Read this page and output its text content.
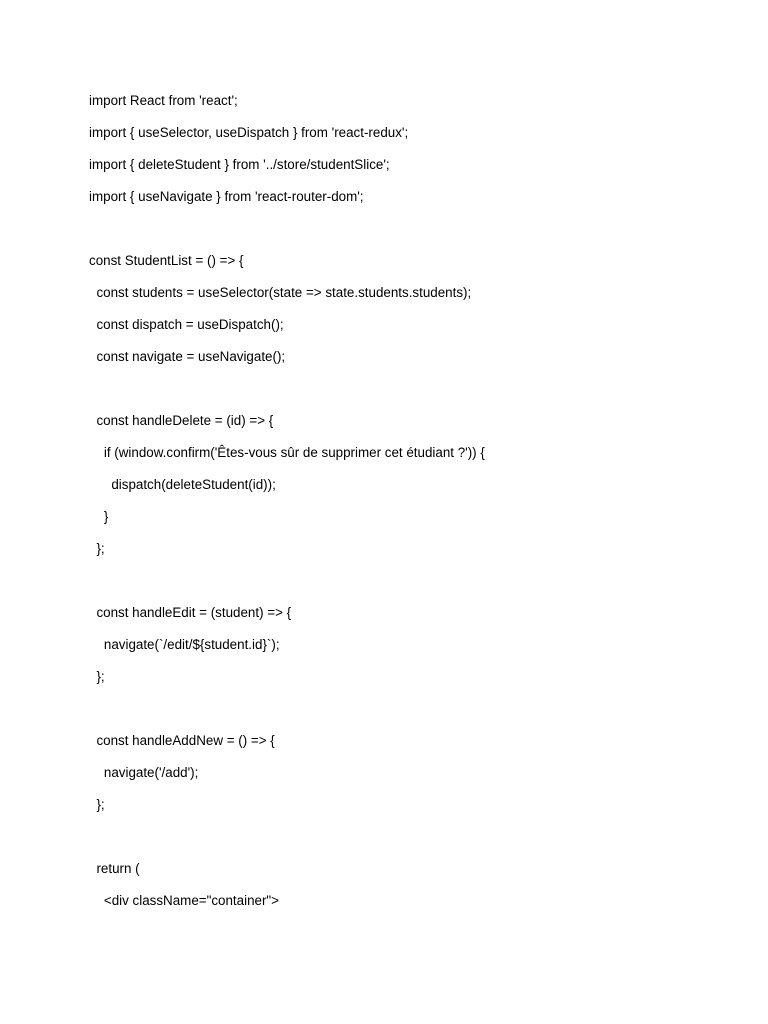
import React from 'react';
import { useSelector, useDispatch } from 'react-redux';
import { deleteStudent } from '../store/studentSlice';
import { useNavigate } from 'react-router-dom';
const StudentList = () => {
const students = useSelector(state => state.students.students);
const dispatch = useDispatch();
const navigate = useNavigate();
const handleDelete = (id) => {
if (window.confirm('Êtes-vous sûr de supprimer cet étudiant ?')) {
dispatch(deleteStudent(id));
}
};
const handleEdit = (student) => {
navigate(`/edit/${student.id}`);
};
const handleAddNew = () => {
navigate('/add');
};
return (
<div className="container">
